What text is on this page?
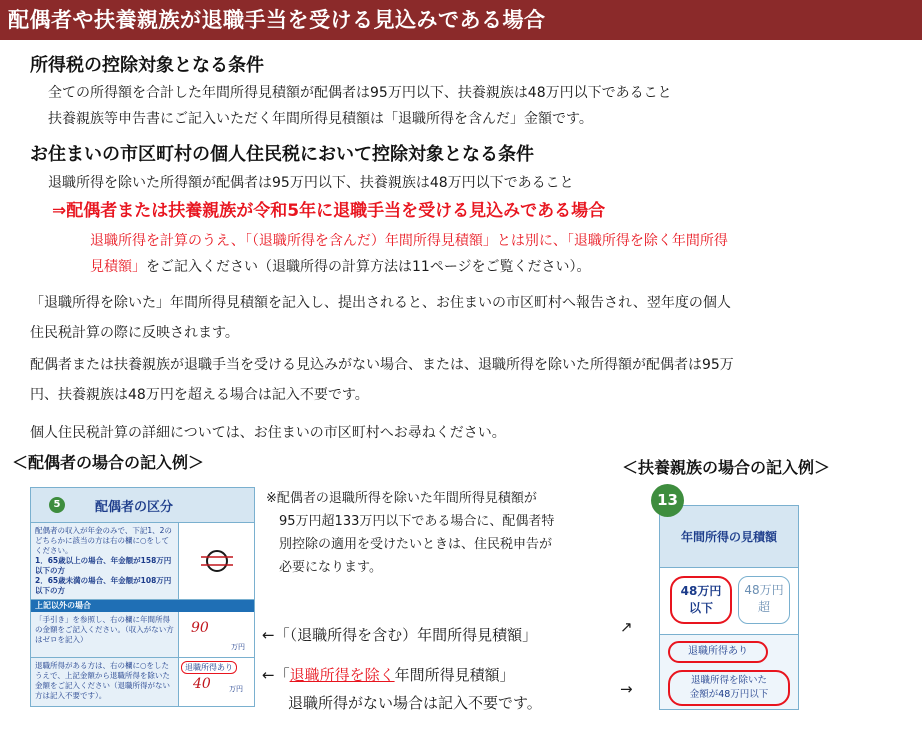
配偶者や扶養親族が退職手当を受ける見込みである場合
所得税の控除対象となる条件
全ての所得額を合計した年間所得見積額が配偶者は95万円以下、扶養親族は48万円以下であること
扶養親族等申告書にご記入いただく年間所得見積額は「退職所得を含んだ」金額です。
お住まいの市区町村の個人住民税において控除対象となる条件
退職所得を除いた所得額が配偶者は95万円以下、扶養親族は48万円以下であること
⇒配偶者または扶養親族が令和5年に退職手当を受ける見込みである場合
退職所得を計算のうえ、「（退職所得を含んだ）年間所得見積額」とは別に、「退職所得を除く年間所得
見積額」をご記入ください（退職所得の計算方法は11ページをご覧ください）。
「退職所得を除いた」年間所得見積額を記入し、提出されると、お住まいの市区町村へ報告され、翌年度の個人
住民税計算の際に反映されます。
配偶者または扶養親族が退職手当を受ける見込みがない場合、または、退職所得を除いた所得額が配偶者は95万
円、扶養親族は48万円を超える場合は記入不要です。
個人住民税計算の詳細については、お住まいの市区町村へお尋ねください。
＜配偶者の場合の記入例＞
5	配偶者の区分
配偶者の収入が年金のみで、下記1、2のどちらかに該当の方は右の欄に○をしてください。
1．65歳以上の場合、年金額が158万円以下の方
2．65歳未満の場合、年金額が108万円以下の方
上記以外の場合
「手引き」を参照し、右の欄に年間所得の金額をご記入ください。（収入がない方はゼロを記入）
90
万円
退職所得がある方は、右の欄に○をしたうえで、上記金額から退職所得を除いた金額をご記入ください（退職所得がない方は記入不要です）。
退職所得あり
40	万円
※配偶者の退職所得を除いた年間所得見積額が
95万円超133万円以下である場合に、配偶者特
別控除の適用を受けたいときは、住民税申告が
必要になります。
←「（退職所得を含む）年間所得見積額」	↗
←「退職所得を除く年間所得見積額」
→
退職所得がない場合は記入不要です。
＜扶養親族の場合の記入例＞
年間所得の見積額
48万円
以下
48万円
超
退職所得あり
退職所得を除いた
金額が48万円以下
13
